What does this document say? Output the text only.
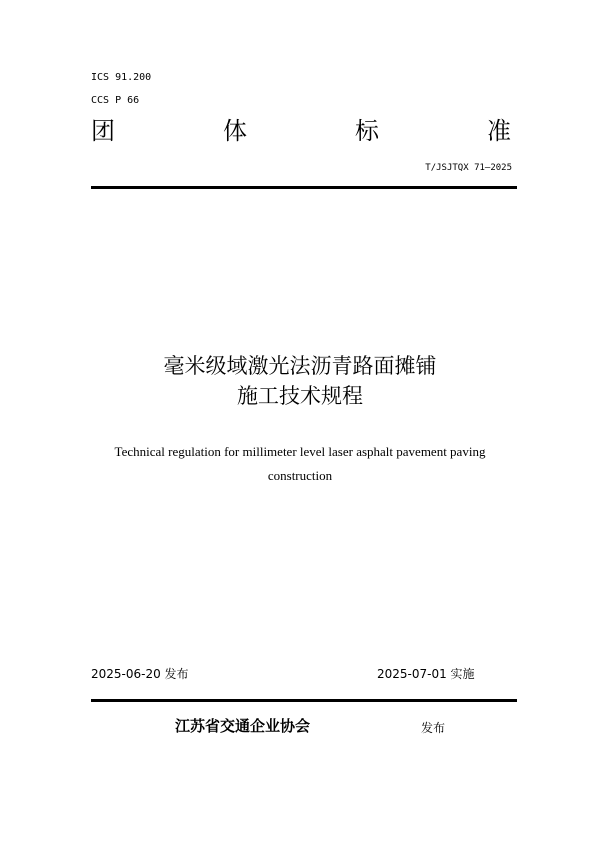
ICS 91.200
CCS P 66
团	体	标	准
T/JSJTQX 71—2025
毫米级域激光法沥青路面摊铺
施工技术规程
Technical regulation for millimeter level laser asphalt pavement paving
construction
2025-06-20 发布	2025-07-01 实施
江苏省交通企业协会	发布
